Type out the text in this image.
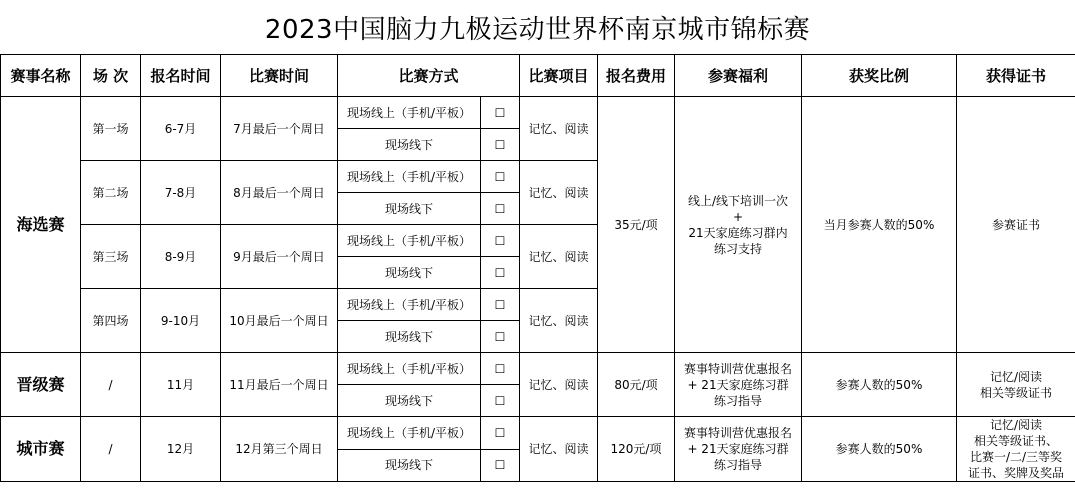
2023中国脑力九极运动世界杯南京城市锦标赛
赛事名称	场 次	报名时间	比赛时间	比赛方式		比赛项目	报名费用	参赛福利	获奖比例	获得证书
海选赛	第一场	6-7月	7月最后一个周日	现场线上（手机/平板）	☐	记忆、阅读	35元/项	线上/线下培训一次
+
21天家庭练习群内
练习支持	当月参赛人数的50%	参赛证书
				现场线下	☐					
	第二场	7-8月	8月最后一个周日	现场线上（手机/平板）	☐	记忆、阅读				
				现场线下	☐					
	第三场	8-9月	9月最后一个周日	现场线上（手机/平板）	☐	记忆、阅读				
				现场线下	☐					
	第四场	9-10月	10月最后一个周日	现场线上（手机/平板）	☐	记忆、阅读				
				现场线下	☐					
晋级赛	/	11月	11月最后一个周日	现场线上（手机/平板）	☐	记忆、阅读	80元/项	赛事特训营优惠报名
+ 21天家庭练习群
练习指导	参赛人数的50%	记忆/阅读
相关等级证书

				现场线下	☐					
城市赛	/	12月	12月第三个周日	现场线上（手机/平板）	☐	记忆、阅读	120元/项	赛事特训营优惠报名
+ 21天家庭练习群
练习指导	参赛人数的50%	记忆/阅读
相关等级证书、
比赛一/二/三等奖
证书、奖牌及奖品

				现场线下	☐					
